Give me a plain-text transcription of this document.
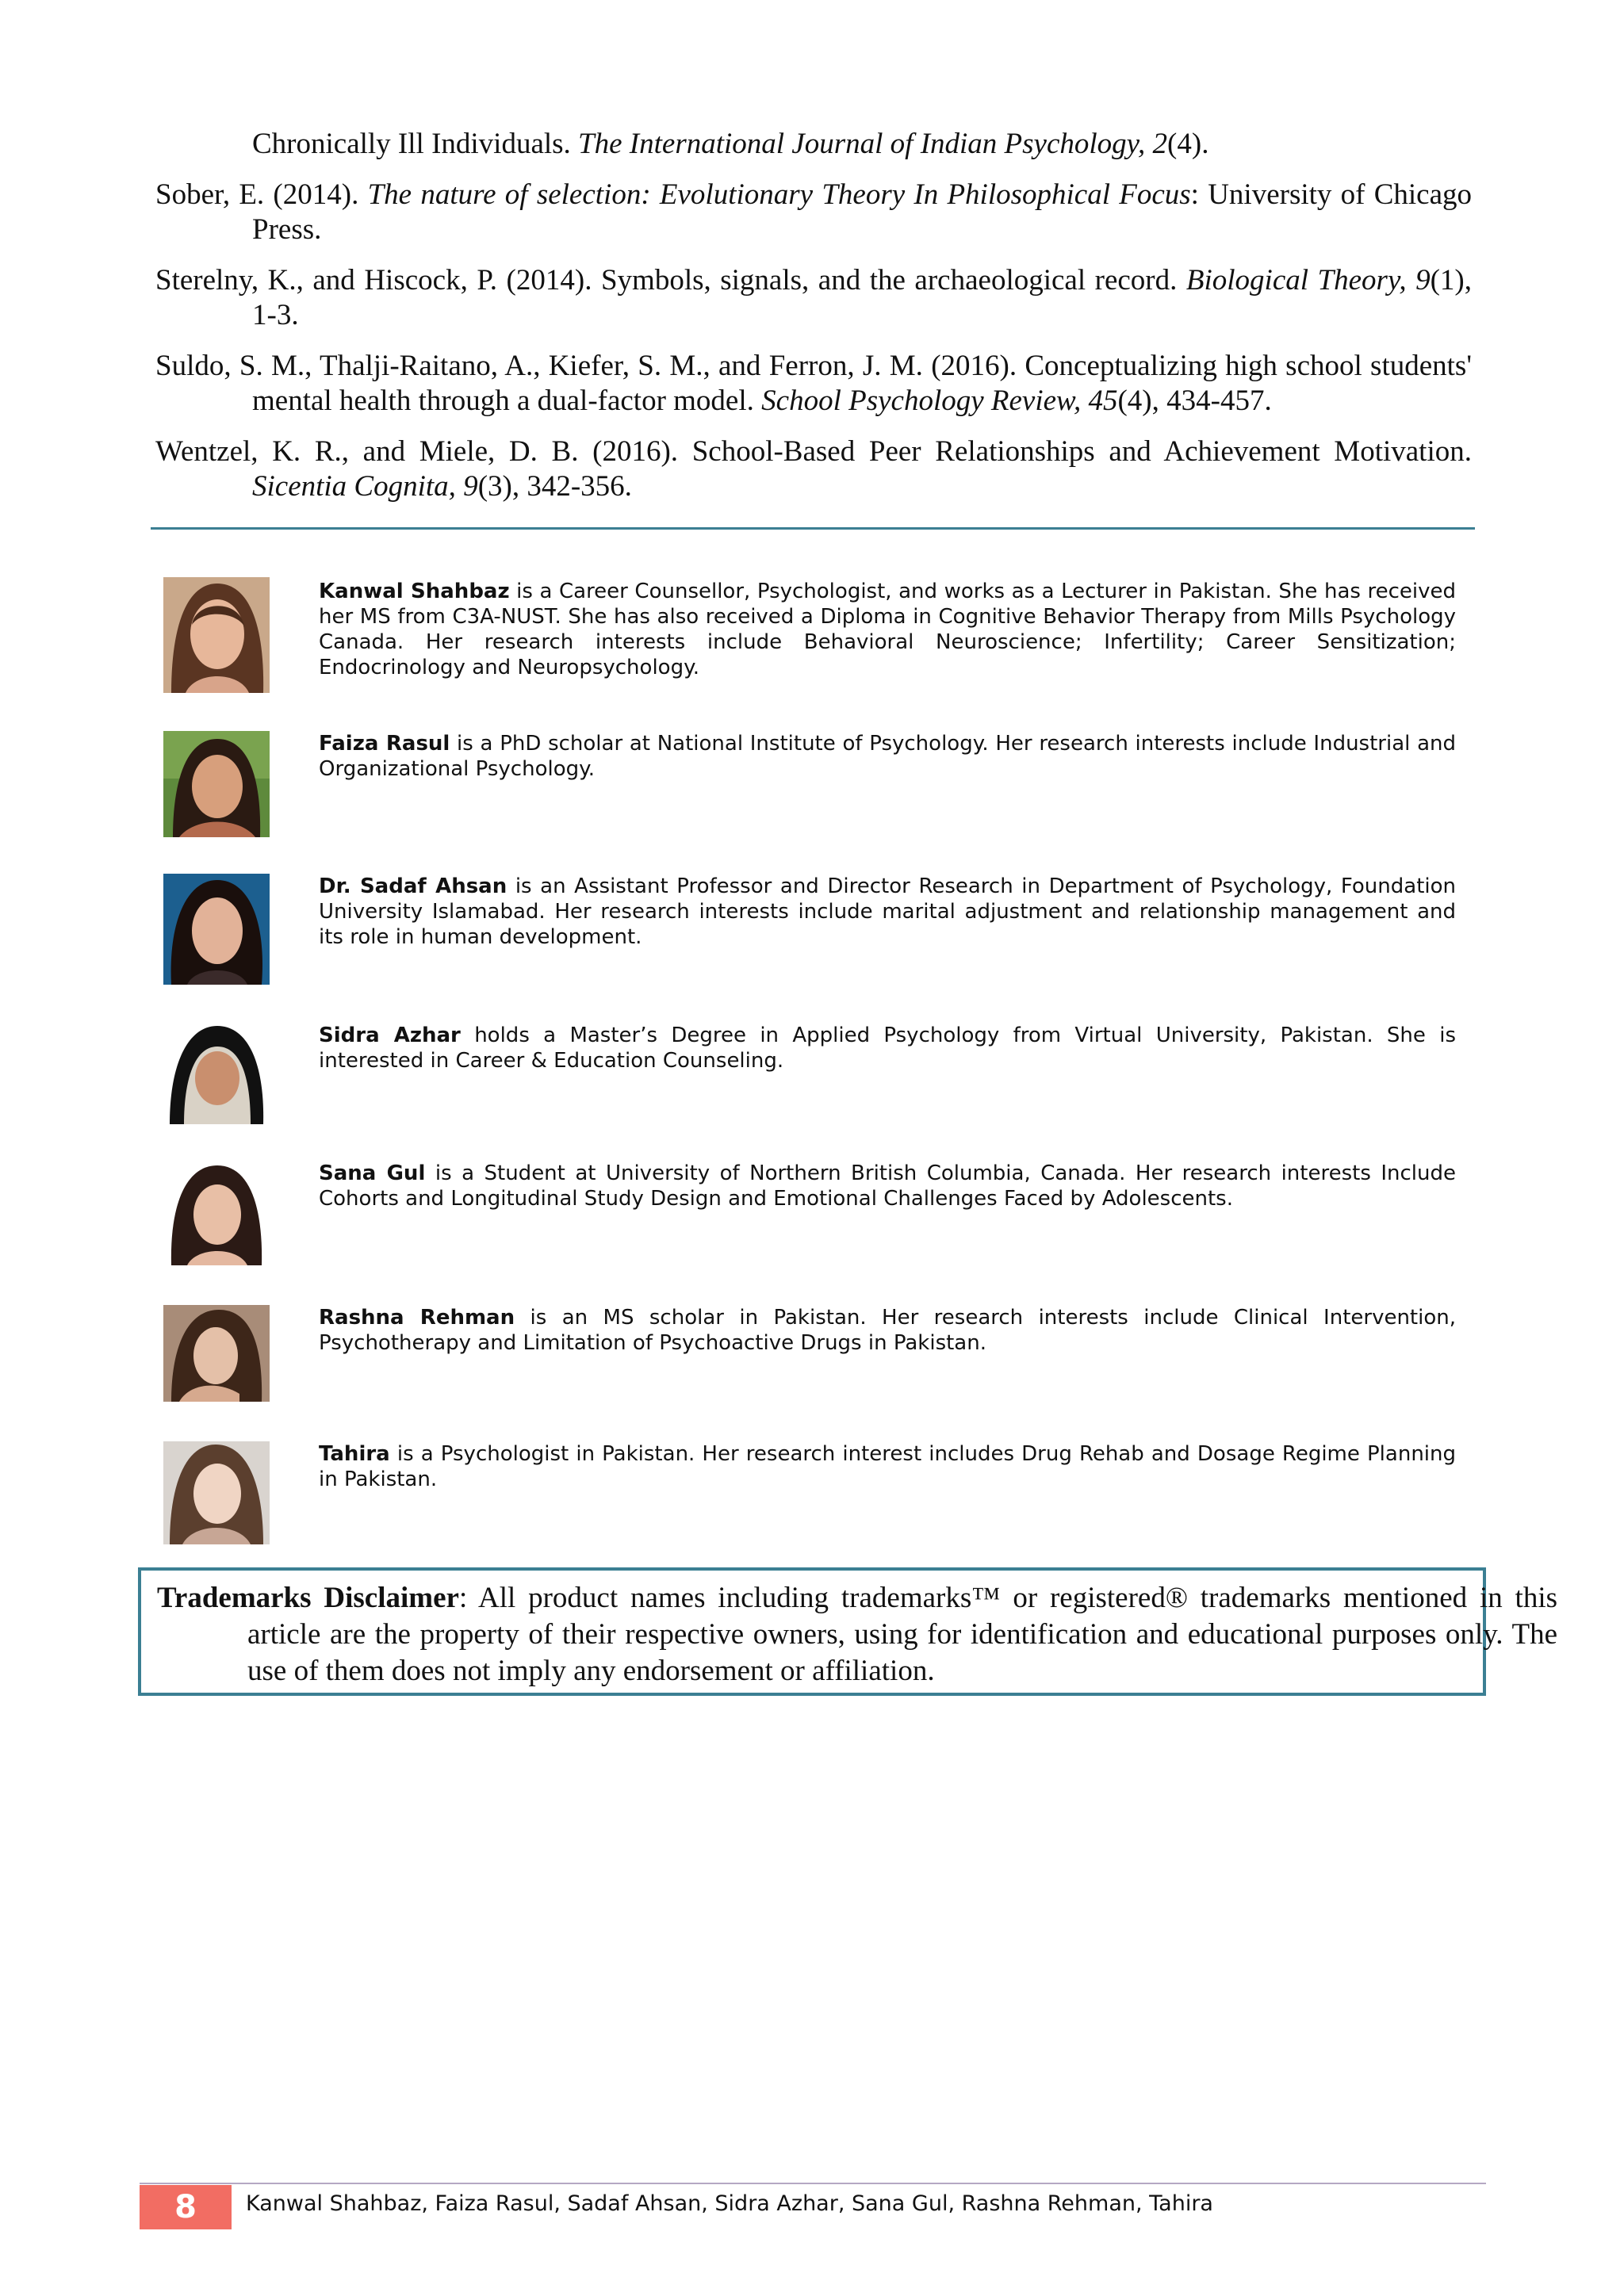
Chronically Ill Individuals. The International Journal of Indian Psychology, 2(4).

Sober, E. (2014). The nature of selection: Evolutionary Theory In Philosophical Focus: University of Chicago Press.

Sterelny, K., and Hiscock, P. (2014). Symbols, signals, and the archaeological record. Biological Theory, 9(1), 1-3.

Suldo, S. M., Thalji-Raitano, A., Kiefer, S. M., and Ferron, J. M. (2016). Conceptualizing high school students' mental health through a dual-factor model. School Psychology Review, 45(4), 434-457.

Wentzel, K. R., and Miele, D. B. (2016). School-Based Peer Relationships and Achievement Motivation. Sicentia Cognita, 9(3), 342-356.

Kanwal Shahbaz is a Career Counsellor, Psychologist, and works as a Lecturer in Pakistan. She has received her MS from C3A-NUST. She has also received a Diploma in Cognitive Behavior Therapy from Mills Psychology Canada. Her research interests include Behavioral Neuroscience; Infertility; Career Sensitization; Endocrinology and Neuropsychology.
Faiza Rasul is a PhD scholar at National Institute of Psychology. Her research interests include Industrial and Organizational Psychology.
Dr. Sadaf Ahsan is an Assistant Professor and Director Research in Department of Psychology, Foundation University Islamabad. Her research interests include marital adjustment and relationship management and its role in human development.
Sidra Azhar holds a Master’s Degree in Applied Psychology from Virtual University, Pakistan. She is interested in Career & Education Counseling.
Sana Gul is a Student at University of Northern British Columbia, Canada. Her research interests Include Cohorts and Longitudinal Study Design and Emotional Challenges Faced by Adolescents.
Rashna Rehman is an MS scholar in Pakistan. Her research interests include Clinical Intervention, Psychotherapy and Limitation of Psychoactive Drugs in Pakistan.
Tahira is a Psychologist in Pakistan. Her research interest includes Drug Rehab and Dosage Regime Planning in Pakistan.
Trademarks Disclaimer: All product names including trademarks™ or registered® trademarks mentioned in this article are the property of their respective owners, using for identification and educational purposes only. The use of them does not imply any endorsement or affiliation.
8	Kanwal Shahbaz, Faiza Rasul, Sadaf Ahsan, Sidra Azhar, Sana Gul, Rashna Rehman, Tahira
